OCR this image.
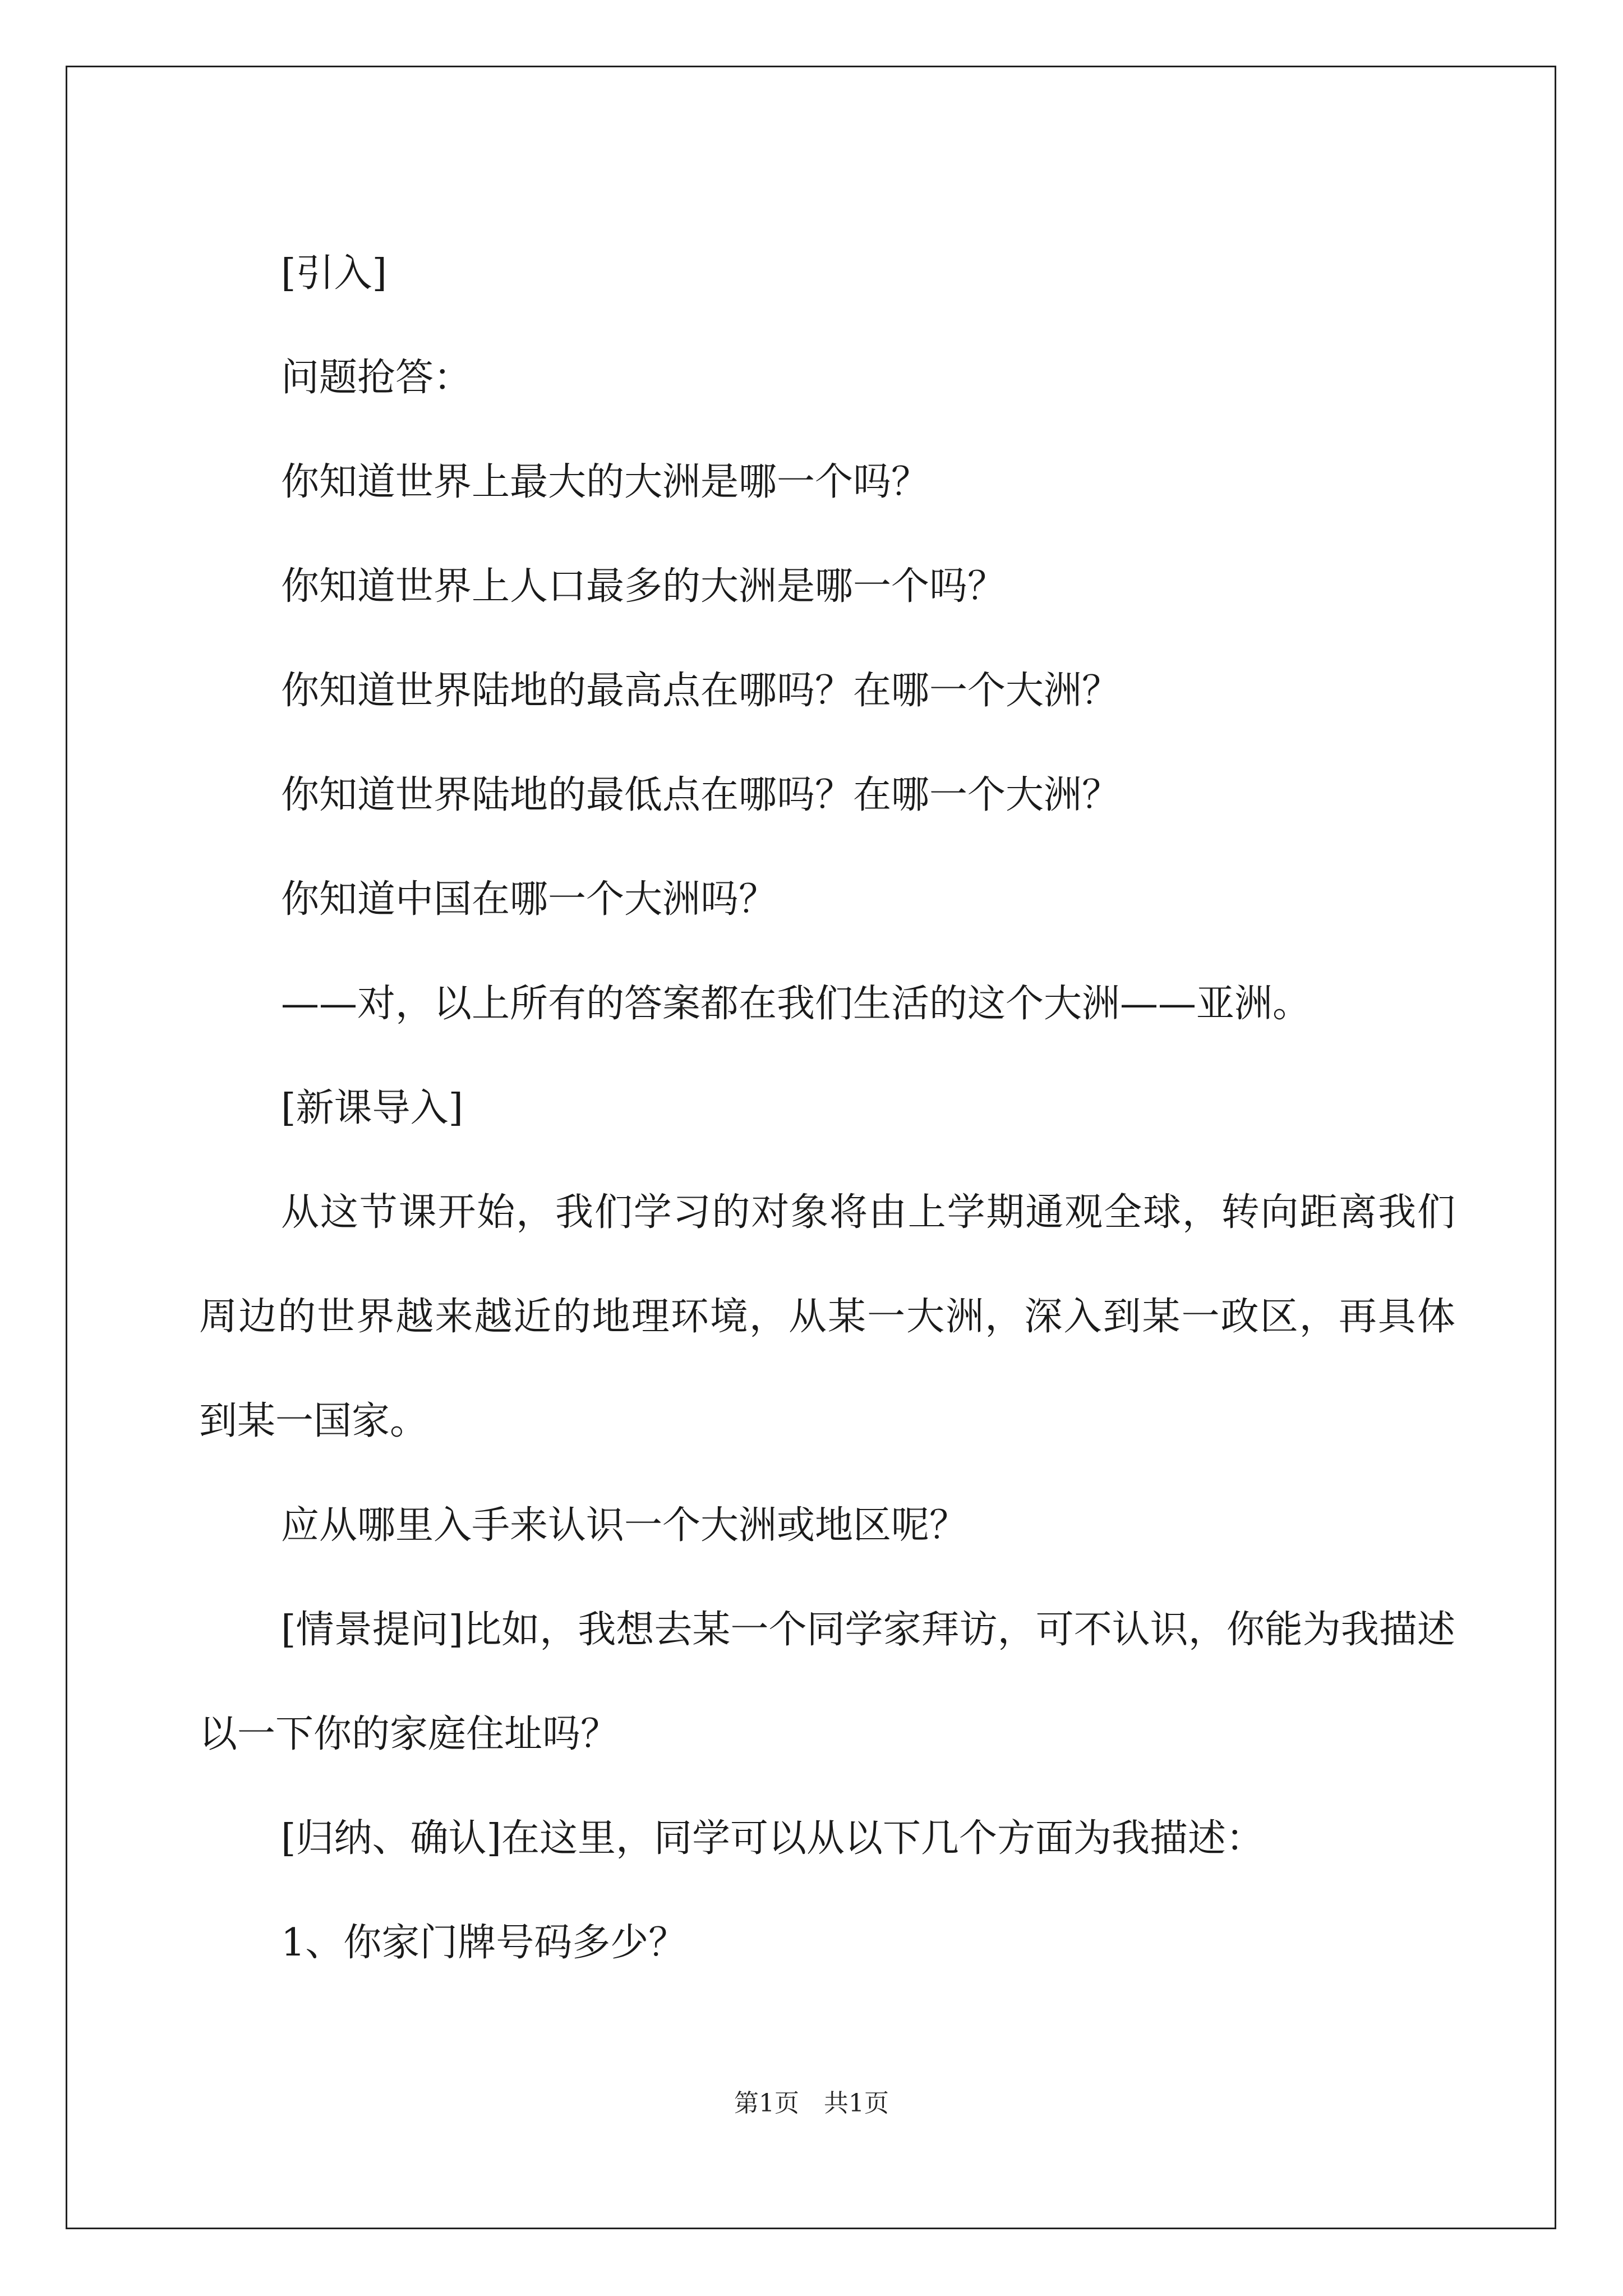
[引入]

问题抢答：

你知道世界上最大的大洲是哪一个吗？

你知道世界上人口最多的大洲是哪一个吗？

你知道世界陆地的最高点在哪吗？在哪一个大洲？

你知道世界陆地的最低点在哪吗？在哪一个大洲？

你知道中国在哪一个大洲吗？

——对，以上所有的答案都在我们生活的这个大洲——亚洲。

[新课导入]

从这节课开始，我们学习的对象将由上学期通观全球，转向距离我们周边的世界越来越近的地理环境，从某一大洲，深入到某一政区，再具体到某一国家。

应从哪里入手来认识一个大洲或地区呢？

[情景提问]比如，我想去某一个同学家拜访，可不认识，你能为我描述以一下你的家庭住址吗？

[归纳、确认]在这里，同学可以从以下几个方面为我描述：

1、你家门牌号码多少？

第1页　共1页
